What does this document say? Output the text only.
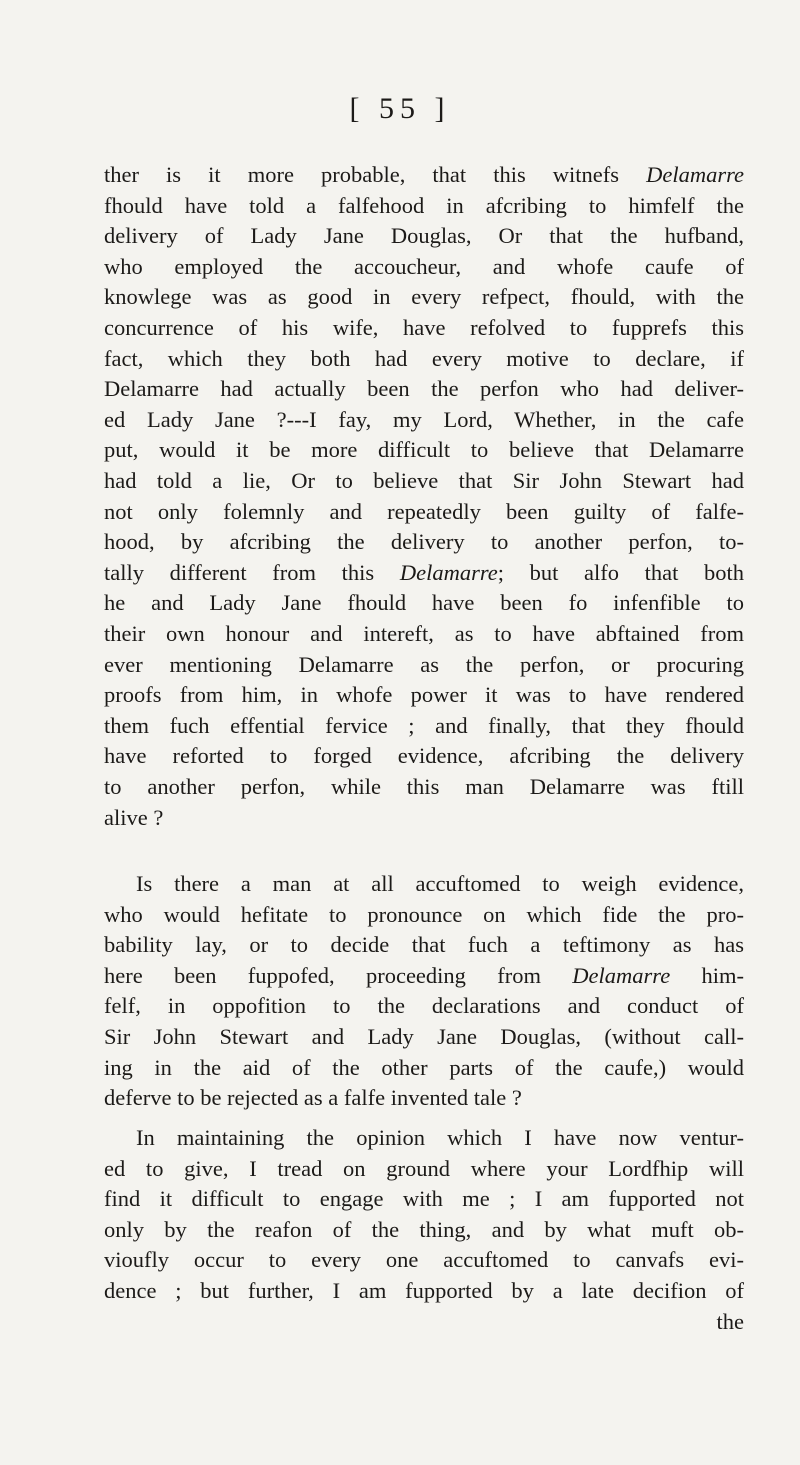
[ 55 ]
ther is it more probable, that this witnefs Delamarre
fhould have told a falfehood in afcribing to himfelf the
delivery of Lady Jane Douglas, Or that the hufband,
who employed the accoucheur, and whofe caufe of
knowlege was as good in every refpect, fhould, with the
concurrence of his wife, have refolved to fupprefs this
fact, which they both had every motive to declare, if
Delamarre had actually been the perfon who had deliver-
ed Lady Jane ?---I fay, my Lord, Whether, in the cafe
put, would it be more difficult to believe that Delamarre
had told a lie, Or to believe that Sir John Stewart had
not only folemnly and repeatedly been guilty of falfe-
hood, by afcribing the delivery to another perfon, to-
tally different from this Delamarre; but alfo that both
he and Lady Jane fhould have been fo infenfible to
their own honour and intereft, as to have abftained from
ever mentioning Delamarre as the perfon, or procuring
proofs from him, in whofe power it was to have rendered
them fuch effential fervice ; and finally, that they fhould
have reforted to forged evidence, afcribing the delivery
to another perfon, while this man Delamarre was ftill
alive ?
Is there a man at all accuftomed to weigh evidence,
who would hefitate to pronounce on which fide the pro-
bability lay, or to decide that fuch a teftimony as has
here been fuppofed, proceeding from Delamarre him-
felf, in oppofition to the declarations and conduct of
Sir John Stewart and Lady Jane Douglas, (without call-
ing in the aid of the other parts of the caufe,) would
deferve to be rejected as a falfe invented tale ?
In maintaining the opinion which I have now ventur-
ed to give, I tread on ground where your Lordfhip will
find it difficult to engage with me ; I am fupported not
only by the reafon of the thing, and by what muft ob-
vioufly occur to every one accuftomed to canvafs evi-
dence ; but further, I am fupported by a late decifion of
the
